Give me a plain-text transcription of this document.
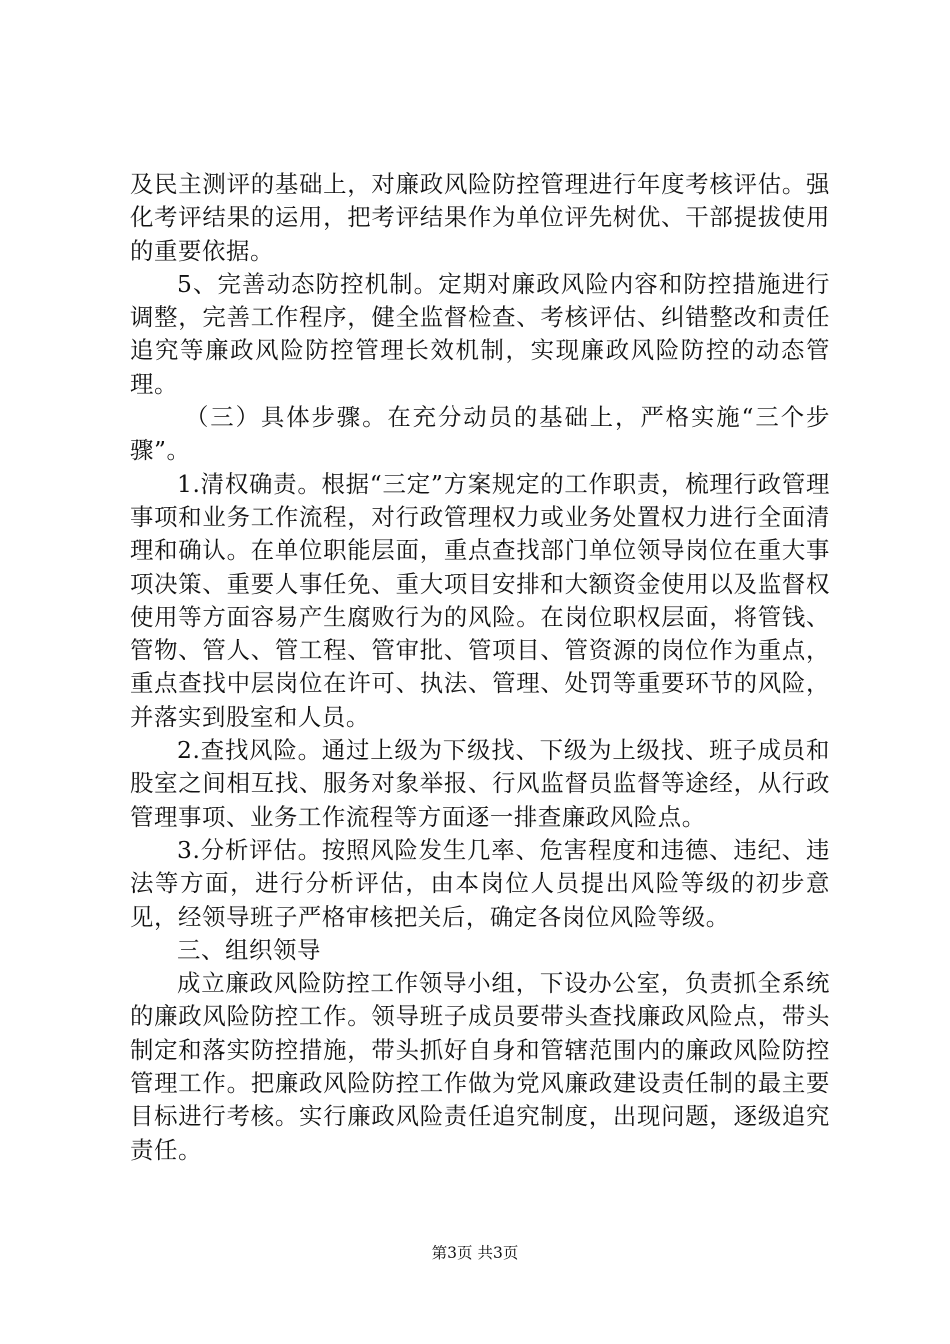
及民主测评的基础上，对廉政风险防控管理进行年度考核评估。强化考评结果的运用，把考评结果作为单位评先树优、干部提拔使用的重要依据。

5、完善动态防控机制。定期对廉政风险内容和防控措施进行调整，完善工作程序，健全监督检查、考核评估、纠错整改和责任追究等廉政风险防控管理长效机制，实现廉政风险防控的动态管理。

（三）具体步骤。在充分动员的基础上，严格实施“三个步骤”。

1.清权确责。根据“三定”方案规定的工作职责，梳理行政管理事项和业务工作流程，对行政管理权力或业务处置权力进行全面清理和确认。在单位职能层面，重点查找部门单位领导岗位在重大事项决策、重要人事任免、重大项目安排和大额资金使用以及监督权使用等方面容易产生腐败行为的风险。在岗位职权层面，将管钱、管物、管人、管工程、管审批、管项目、管资源的岗位作为重点，重点查找中层岗位在许可、执法、管理、处罚等重要环节的风险，并落实到股室和人员。

2.查找风险。通过上级为下级找、下级为上级找、班子成员和股室之间相互找、服务对象举报、行风监督员监督等途经，从行政管理事项、业务工作流程等方面逐一排查廉政风险点。

3.分析评估。按照风险发生几率、危害程度和违德、违纪、违法等方面，进行分析评估，由本岗位人员提出风险等级的初步意见，经领导班子严格审核把关后，确定各岗位风险等级。

三、组织领导

成立廉政风险防控工作领导小组，下设办公室，负责抓全系统的廉政风险防控工作。领导班子成员要带头查找廉政风险点，带头制定和落实防控措施，带头抓好自身和管辖范围内的廉政风险防控管理工作。把廉政风险防控工作做为党风廉政建设责任制的最主要目标进行考核。实行廉政风险责任追究制度，出现问题，逐级追究责任。

第3页 共3页
